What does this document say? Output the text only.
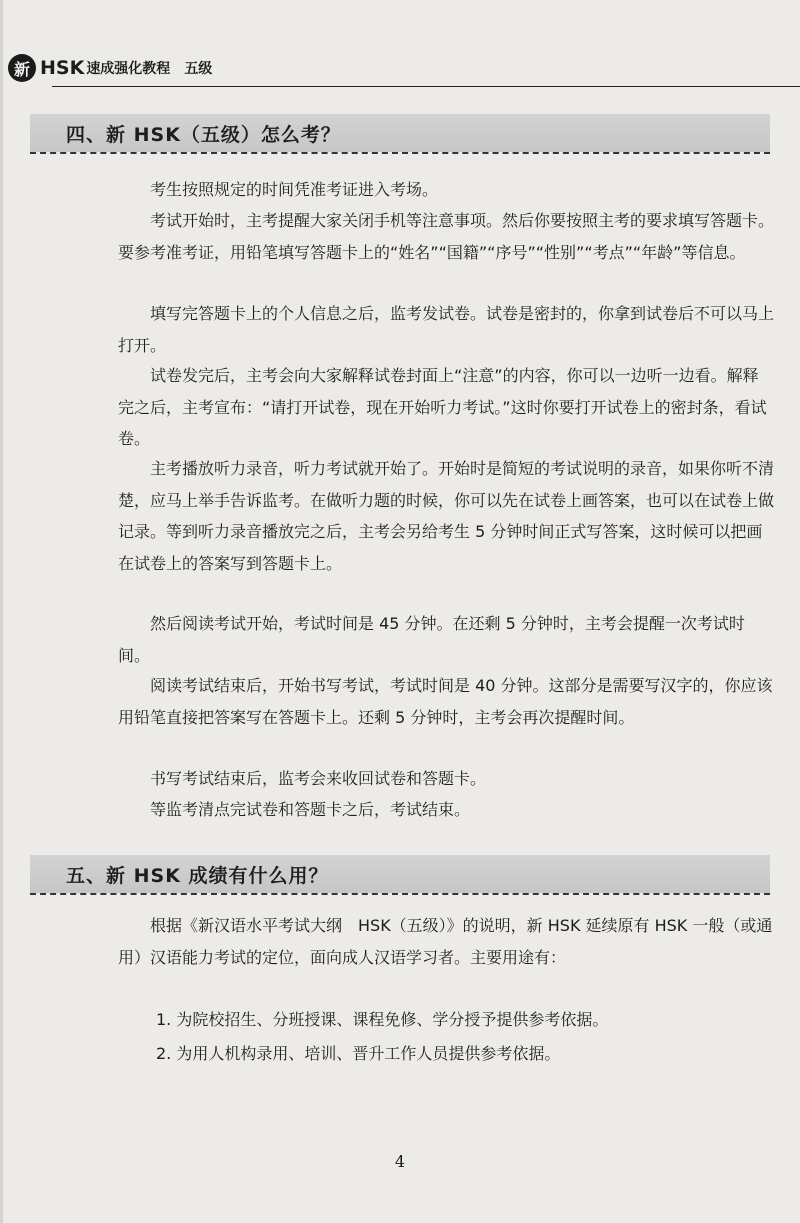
新 HSK 速成强化教程 五级
四、新 HSK（五级）怎么考？

考生按照规定的时间凭准考证进入考场。

考试开始时，主考提醒大家关闭手机等注意事项。然后你要按照主考的要求填写答题卡。要参考准考证，用铅笔填写答题卡上的“姓名”“国籍”“序号”“性别”“考点”“年龄”等信息。

填写完答题卡上的个人信息之后，监考发试卷。试卷是密封的，你拿到试卷后不可以马上打开。

试卷发完后，主考会向大家解释试卷封面上“注意”的内容，你可以一边听一边看。解释完之后，主考宣布：“请打开试卷，现在开始听力考试。”这时你要打开试卷上的密封条，看试卷。

主考播放听力录音，听力考试就开始了。开始时是简短的考试说明的录音，如果你听不清楚，应马上举手告诉监考。在做听力题的时候，你可以先在试卷上画答案，也可以在试卷上做记录。等到听力录音播放完之后，主考会另给考生 5 分钟时间正式写答案，这时候可以把画在试卷上的答案写到答题卡上。

然后阅读考试开始，考试时间是 45 分钟。在还剩 5 分钟时，主考会提醒一次考试时间。

阅读考试结束后，开始书写考试，考试时间是 40 分钟。这部分是需要写汉字的，你应该用铅笔直接把答案写在答题卡上。还剩 5 分钟时，主考会再次提醒时间。

书写考试结束后，监考会来收回试卷和答题卡。

等监考清点完试卷和答题卡之后，考试结束。

五、新 HSK 成绩有什么用？

根据《新汉语水平考试大纲　HSK（五级）》的说明，新 HSK 延续原有 HSK 一般（或通用）汉语能力考试的定位，面向成人汉语学习者。主要用途有：

1. 为院校招生、分班授课、课程免修、学分授予提供参考依据。

2. 为用人机构录用、培训、晋升工作人员提供参考依据。

4
